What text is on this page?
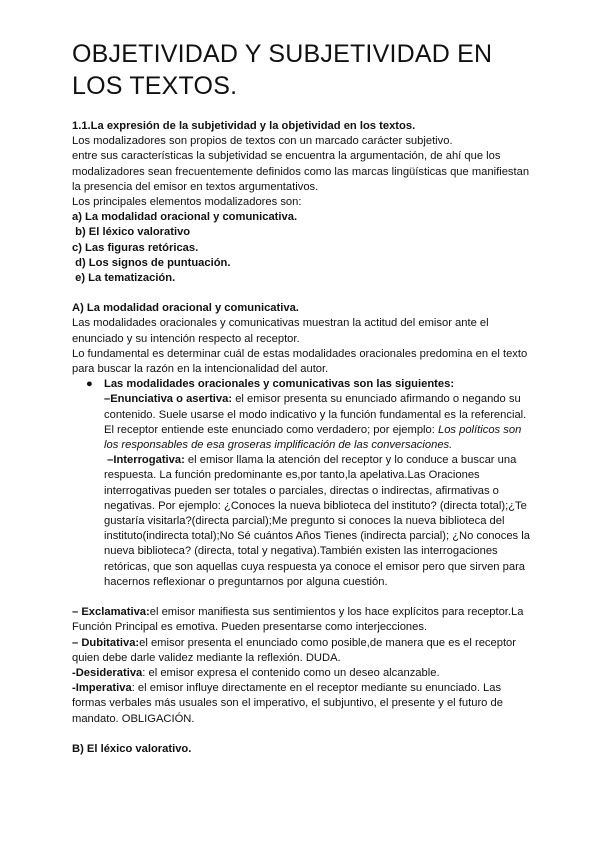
OBJETIVIDAD Y SUBJETIVIDAD EN LOS TEXTOS.

1.1.La expresión de la subjetividad y la objetividad en los textos.

Los modalizadores son propios de textos con un marcado carácter subjetivo.

entre sus características la subjetividad se encuentra la argumentación, de ahí que los modalizadores sean frecuentemente definidos como las marcas lingüísticas que manifiestan la presencia del emisor en textos argumentativos.

Los principales elementos modalizadores son:

a) La modalidad oracional y comunicativa.

b) El léxico valorativo

c) Las figuras retóricas.

d) Los signos de puntuación.

e) La tematización.

A) La modalidad oracional y comunicativa.

Las modalidades oracionales y comunicativas muestran la actitud del emisor ante el enunciado y su intención respecto al receptor.

Lo fundamental es determinar cuál de estas modalidades oracionales predomina en el texto para buscar la razón en la intencionalidad del autor.

● Las modalidades oracionales y comunicativas son las siguientes:

–Enunciativa o asertiva: el emisor presenta su enunciado afirmando o negando su contenido. Suele usarse el modo indicativo y la función fundamental es la referencial. El receptor entiende este enunciado como verdadero; por ejemplo: Los políticos son los responsables de esa groseras implificación de las conversaciones.

–Interrogativa: el emisor llama la atención del receptor y lo conduce a buscar una respuesta. La función predominante es,por tanto,la apelativa.Las Oraciones interrogativas pueden ser totales o parciales, directas o indirectas, afirmativas o negativas. Por ejemplo: ¿Conoces la nueva biblioteca del instituto? (directa total);¿Te gustaría visitarla?(directa parcial);Me pregunto si conoces la nueva biblioteca del instituto(indirecta total);No Sé cuántos Años Tienes (indirecta parcial); ¿No conoces la nueva biblioteca? (directa, total y negativa).También existen las interrogaciones retóricas, que son aquellas cuya respuesta ya conoce el emisor pero que sirven para hacernos reflexionar o preguntarnos por alguna cuestión.

– Exclamativa:el emisor manifiesta sus sentimientos y los hace explícitos para receptor.La Función Principal es emotiva. Pueden presentarse como interjecciones.

– Dubitativa:el emisor presenta el enunciado como posible,de manera que es el receptor quien debe darle validez mediante la reflexión. DUDA.

-Desiderativa: el emisor expresa el contenido como un deseo alcanzable.

-Imperativa: el emisor influye directamente en el receptor mediante su enunciado. Las formas verbales más usuales son el imperativo, el subjuntivo, el presente y el futuro de mandato. OBLIGACIÓN.

B) El léxico valorativo.
